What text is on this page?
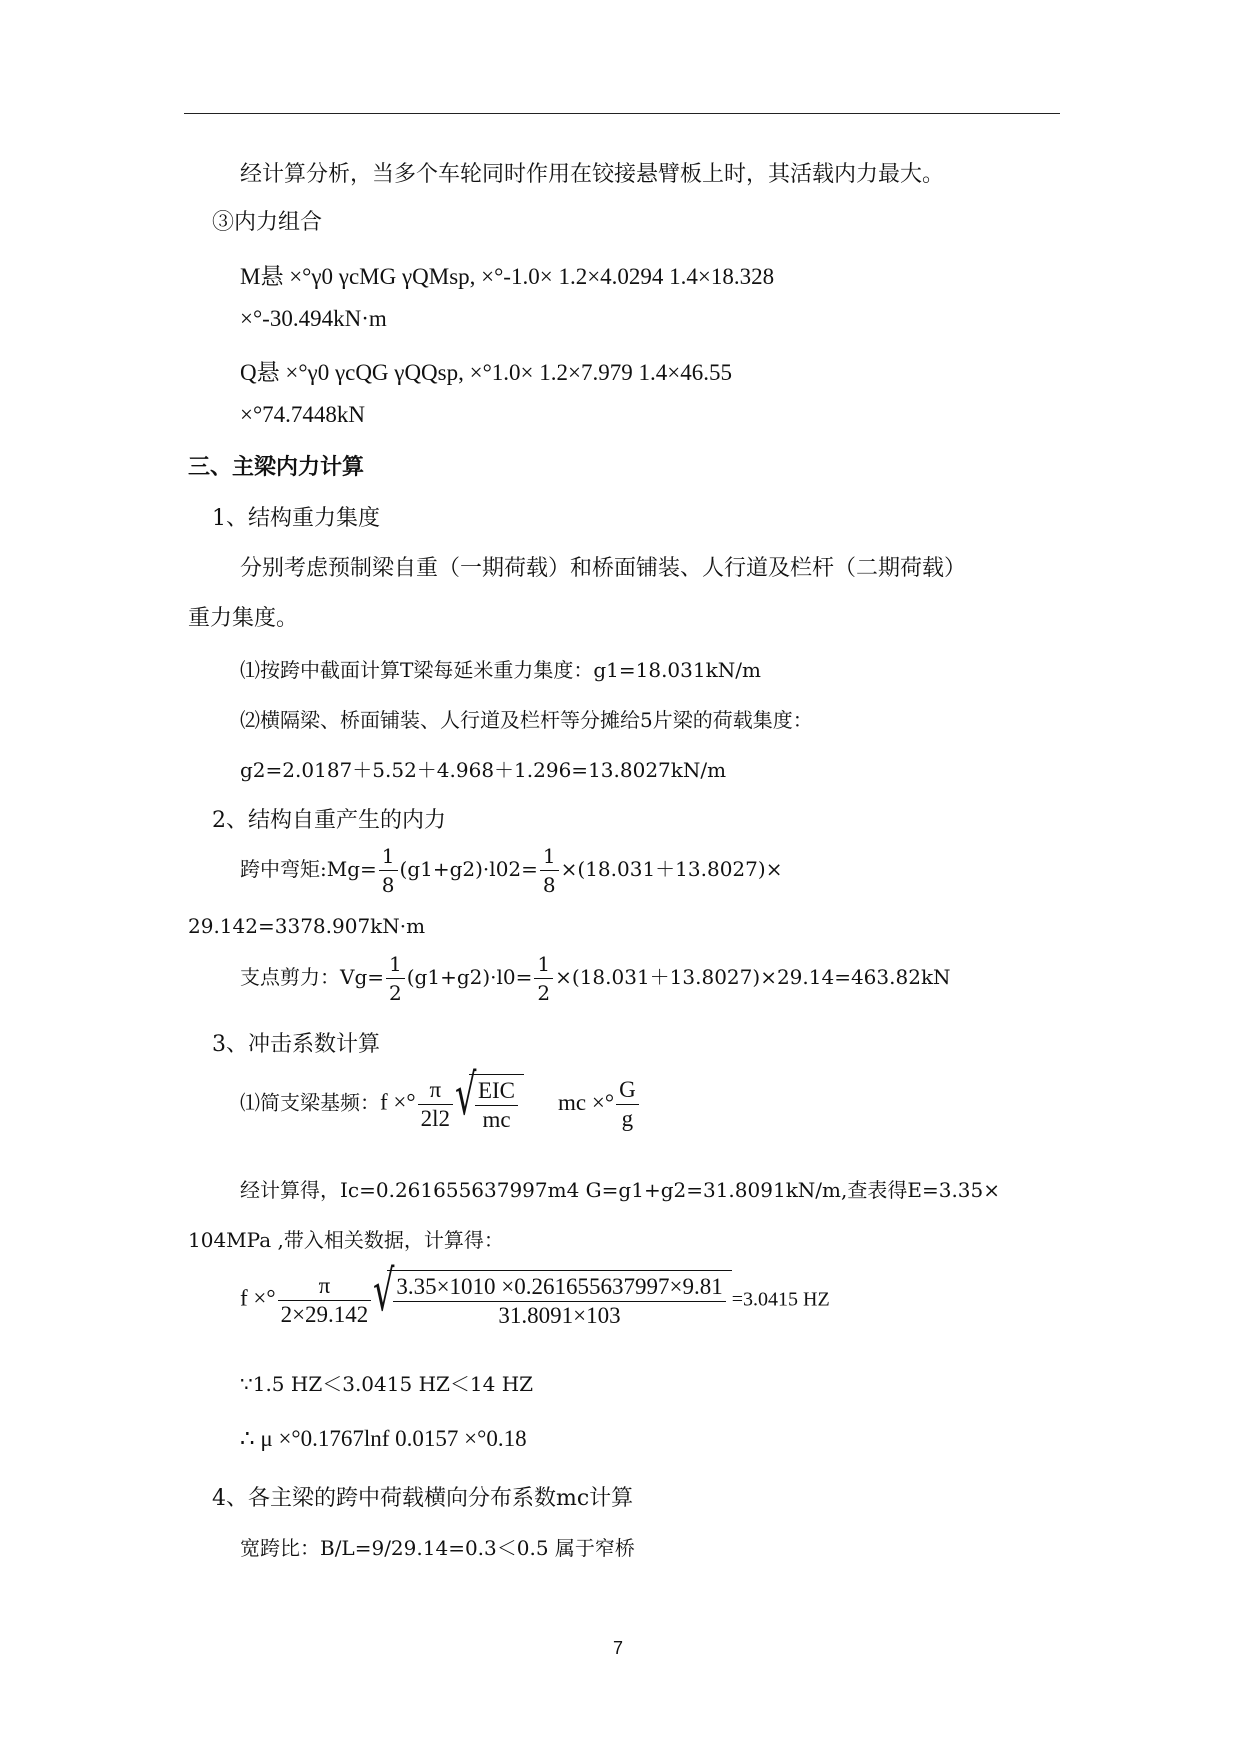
经计算分析，当多个车轮同时作用在铰接悬臂板上时，其活载内力最大。
③内力组合
M悬 ×°γ0 γcMG γQMsp, ×°-1.0× 1.2×4.0294 1.4×18.328
×°-30.494kN·m
Q悬 ×°γ0 γcQG γQQsp, ×°1.0× 1.2×7.979 1.4×46.55
×°74.7448kN
三、主梁内力计算
1、结构重力集度
分别考虑预制梁自重（一期荷载）和桥面铺装、人行道及栏杆（二期荷载）
重力集度。
⑴按跨中截面计算T梁每延米重力集度：g1=18.031kN/m
⑵横隔梁、桥面铺装、人行道及栏杆等分摊给5片梁的荷载集度：
g2=2.0187＋5.52＋4.968＋1.296=13.8027kN/m
2、结构自重产生的内力
跨中弯矩:Mg= $\frac{1}{8} (g1+g2)\cdot l02= \frac{1}{8} \times(18.031+13.8027)\times$
29.142=3378.907kN·m
支点剪力：$Vg= \frac{1}{2} (g1+g2)\cdot l0= \frac{1}{2} \times(18.031+13.8027)\times 29.14=463.82kN$
3、冲击系数计算
⑴简支梁基频：f ×° $\frac{\pi}{2l2}$ √
$\frac{\text{EIC}}{mc}$ mc ×° $\frac{G}{g}$
经计算得，Ic=0.261655637997m4 G=g1+g2=31.8091kN/m,查表得E=3.35×
104MPa ,带入相关数据，计算得：
f ×° $\frac{\pi}{2\times 29.142}$ √
$\frac{3.35\times 1010 \times 0.261655637997\times 9.81}{31.8091\times 103} =3.0415$ HZ
∵1.5 HZ＜3.0415 HZ＜14 HZ
∴ μ ×°0.1767lnf 0.0157 ×°0.18
4、各主梁的跨中荷载横向分布系数mc计算
宽跨比：B/L=9/29.14=0.3＜0.5 属于窄桥
7
